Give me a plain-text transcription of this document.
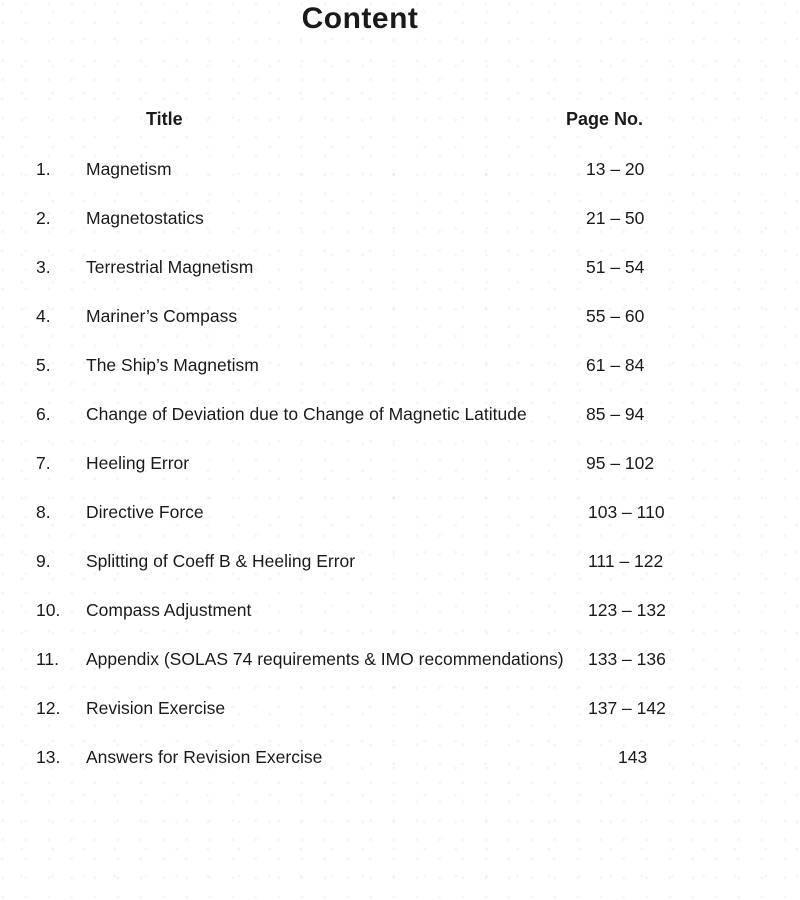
Content
Title	Page No.
1. Magnetism	13 – 20
2. Magnetostatics	21 – 50
3. Terrestrial Magnetism	51 – 54
4. Mariner’s Compass	55 – 60
5. The Ship’s Magnetism	61 – 84
6. Change of Deviation due to Change of Magnetic Latitude	85 – 94
7. Heeling Error	95 – 102
8. Directive Force	103 – 110
9. Splitting of Coeff B & Heeling Error	111 – 122
10. Compass Adjustment	123 – 132
11. Appendix (SOLAS 74 requirements & IMO recommendations) 133 – 136
12. Revision Exercise	137 – 142
13. Answers for Revision Exercise	143
